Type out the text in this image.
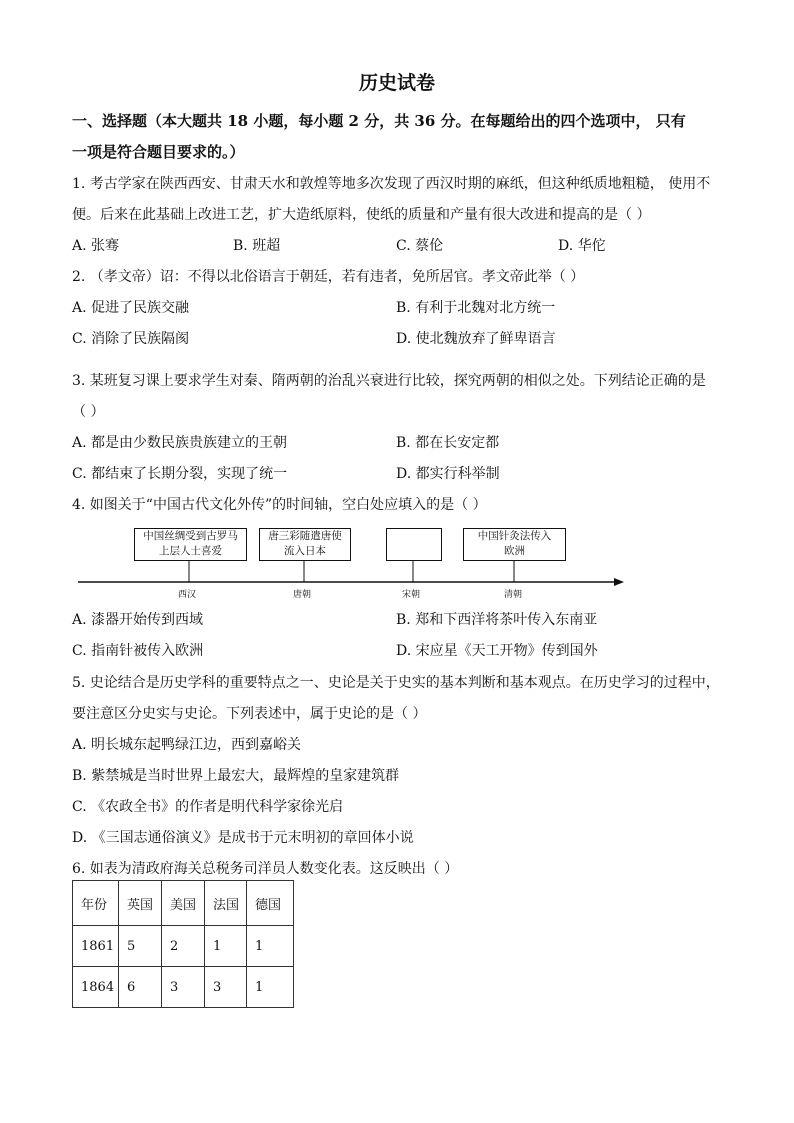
历史试卷
一、选择题（本大题共 18 小题，每小题 2 分，共 36 分。在每题给出的四个选项中， 只有
一项是符合题目要求的。）
1. 考古学家在陕西西安、甘肃天水和敦煌等地多次发现了西汉时期的麻纸，但这种纸质地粗糙， 使用不
便。后来在此基础上改进工艺，扩大造纸原料，使纸的质量和产量有很大改进和提高的是（ ）
A. 张骞	B. 班超	C. 蔡伦	D. 华佗
2. （孝文帝）诏：不得以北俗语言于朝廷，若有违者，免所居官。孝文帝此举（ ）
A. 促进了民族交融	B. 有利于北魏对北方统一
C. 消除了民族隔阂	D. 使北魏放弃了鲜卑语言
3. 某班复习课上要求学生对秦、隋两朝的治乱兴衰进行比较，探究两朝的相似之处。下列结论正确的是
（ ）
A. 都是由少数民族贵族建立的王朝	B. 都在长安定都
C. 都结束了长期分裂，实现了统一	D. 都实行科举制
4. 如图关于“中国古代文化外传”的时间轴，空白处应填入的是（ ）
中国丝绸受到古罗马
上层人士喜爱
唐三彩随遣唐使
流入日本
中国针灸法传入
欧洲
西汉	唐朝	宋朝	清朝
A. 漆器开始传到西域	B. 郑和下西洋将茶叶传入东南亚
C. 指南针被传入欧洲	D. 宋应星《天工开物》传到国外
5. 史论结合是历史学科的重要特点之一、史论是关于史实的基本判断和基本观点。在历史学习的过程中，
要注意区分史实与史论。下列表述中，属于史论的是（ ）
A. 明长城东起鸭绿江边，西到嘉峪关
B. 紫禁城是当时世界上最宏大，最辉煌的皇家建筑群
C. 《农政全书》的作者是明代科学家徐光启
D. 《三国志通俗演义》是成书于元末明初的章回体小说
6. 如表为清政府海关总税务司洋员人数变化表。这反映出（ ）
年份	英国	美国	法国	德国
1861	5	2	1	1
1864	6	3	3	1
